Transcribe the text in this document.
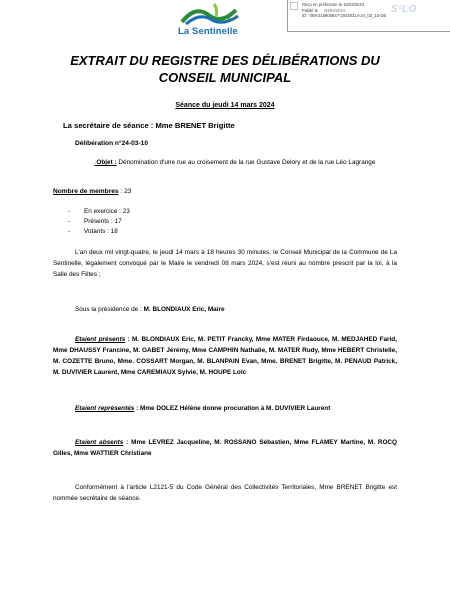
Ville de
La Sentinelle
Reçu en préfecture le 15/03/2024
Publié le 20/03/2024
ID : 059-215905647-20240314-24_03_10-DE
S²LO
EXTRAIT DU REGISTRE DES DÉLIBÉRATIONS DU CONSEIL MUNICIPAL
Séance du jeudi 14 mars 2024
La secrétaire de séance : Mme BRENET Brigitte
Délibération n°24-03-10
Objet : Dénomination d'une rue au croisement de la rue Gustave Delory et de la rue Léo Lagrange
Nombre de membres : 23
- En exercice : 23
- Présents : 17
- Votants : 18
L'an deux mil vingt-quatre, le jeudi 14 mars à 18 heures 30 minutes, le Conseil Municipal de la Commune de La Sentinelle, légalement convoqué par le Maire le vendredi 08 mars 2024, s'est réuni au nombre prescrit par la loi, à la Salle des Fêtes ;
Sous la présidence de : M. BLONDIAUX Eric, Maire
Etaient présents : M. BLONDIAUX Eric, M. PETIT Francky, Mme MATER Firdaouce, M. MEDJAHED Farid, Mme DHAUSSY Francine, M. GABET Jérémy, Mme CAMPHIN Nathalie, M. MATER Rudy, Mme HEBERT Christelle, M. COZETTE Bruno, Mme. COSSART Morgan, M. BLANPAIN Evan, Mme. BRENET Brigitte, M. PENAUD Patrick, M. DUVIVIER Laurent, Mme CAREMIAUX Sylvie, M. HOUPE Loïc
Etaient représentés : Mme DOLEZ Hélène donne procuration à M. DUVIVIER Laurent
Etaient absents : Mme LEVREZ Jacqueline, M. ROSSANO Sébastien, Mme FLAMEY Martine, M. ROCQ Gilles, Mme WATTIER Christiane
Conformément à l'article L2121-5 du Code Général des Collectivités Territoriales, Mme BRENET Brigitte est nommée secrétaire de séance.
